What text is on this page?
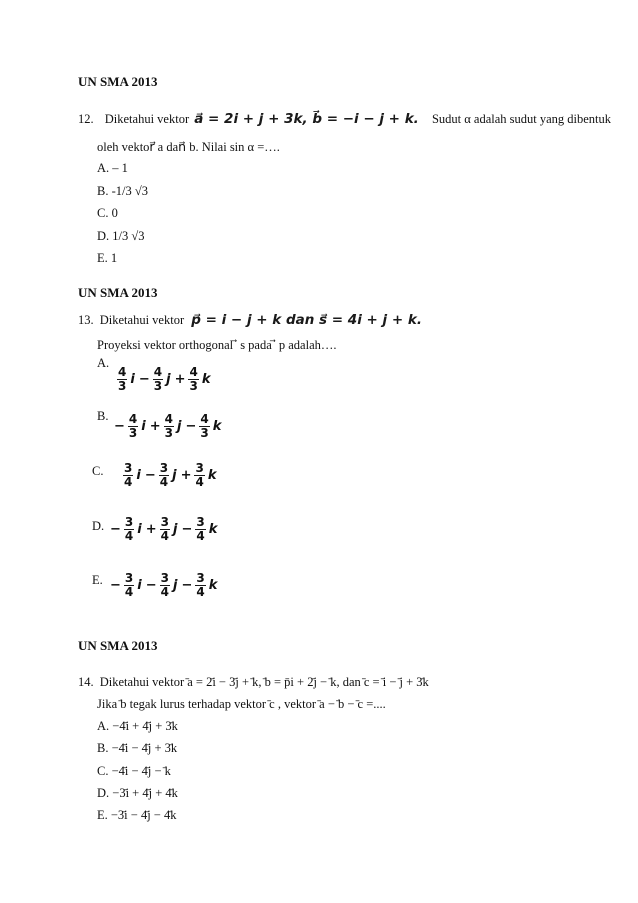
UN SMA 2013
12. Diketahui vektor a⃗ = 2i + j + 3k, b⃗ = −i − j + k. Sudut α adalah sudut yang dibentuk
oleh vektor⃗ a dan⃗ b. Nilai sin α =….
A. – 1
B. -1/3 √3
C. 0
D. 1/3 √3
E. 1
UN SMA 2013
13. Diketahui vektor p⃗ = i − j + k dan s⃗ = 4i + j + k.
Proyeksi vektor orthogonal ⃗ s pada ⃗ p adalah….
A.
$\frac{4}{3}$ $i - \frac{4}{3}$ $j + \frac{4}{3}$ k
B.
− $\frac{4}{3}$ $i + \frac{4}{3}$ $j - \frac{4}{3}$ k
C. $\frac{3}{4}$ $i - \frac{3}{4}$ $j + \frac{3}{4}$ k
D. − $\frac{3}{4}$ $i + \frac{3}{4}$ $j - \frac{3}{4}$ k
E. − $\frac{3}{4}$ $i - \frac{3}{4}$ $j - \frac{3}{4}$ k
UN SMA 2013
14. Diketahui vektor ̄a = 2̄i − 3̄j + ̄k, ̄b = p̄i + 2̄j − ̄k, dan ̄c = ̄i − ̄j + 3̄k
Jika ̄b tegak lurus terhadap vektor ̄c , vektor ̄a − ̄b − ̄c =....
A. −4̄i + 4̄j + 3̄k
B. −4̄i − 4̄j + 3̄k
C. −4̄i − 4̄j − ̄k
D. −3̄i + 4̄j + 4̄k
E. −3̄i − 4̄j − 4̄k
